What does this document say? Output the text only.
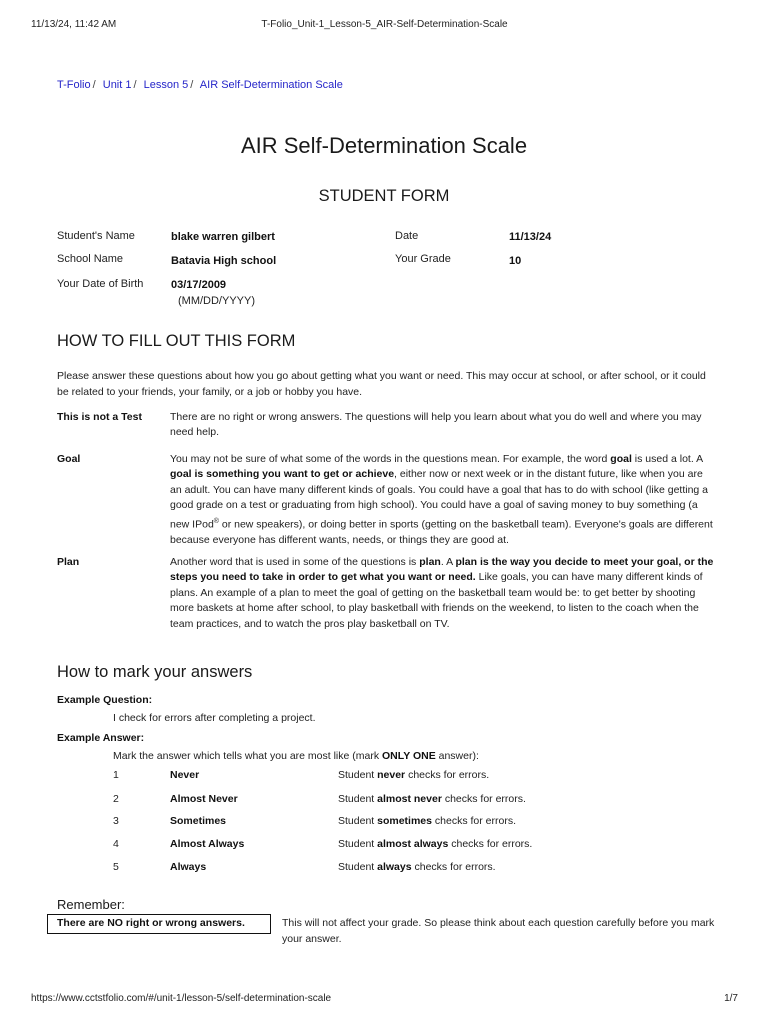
11/13/24, 11:42 AM	T-Folio_Unit-1_Lesson-5_AIR-Self-Determination-Scale
T-Folio / Unit 1 / Lesson 5 / AIR Self-Determination Scale
AIR Self-Determination Scale
STUDENT FORM
Student's Name	blake warren gilbert
School Name	Batavia High school
Your Date of Birth	03/17/2009
(MM/DD/YYYY)
Date	11/13/24
Your Grade	10
HOW TO FILL OUT THIS FORM

Please answer these questions about how you go about getting what you want or need. This may occur at school, or after school, or it could be related to your friends, your family, or a job or hobby you have.

This is not a Test	There are no right or wrong answers. The questions will help you learn about what you do well and where you may need help.

Goal	You may not be sure of what some of the words in the questions mean. For example, the word goal is used a lot. A goal is something you want to get or achieve, either now or next week or in the distant future, like when you are an adult. You can have many different kinds of goals. You could have a goal that has to do with school (like getting a good grade on a test or graduating from high school). You could have a goal of saving money to buy something (a new IPod® or new speakers), or doing better in sports (getting on the basketball team). Everyone's goals are different because everyone has different wants, needs, or things they are good at.

Plan	Another word that is used in some of the questions is plan. A plan is the way you decide to meet your goal, or the steps you need to take in order to get what you want or need. Like goals, you can have many different kinds of plans. An example of a plan to meet the goal of getting on the basketball team would be: to get better by shooting more baskets at home after school, to play basketball with friends on the weekend, to listen to the coach when the team practices, and to watch the pros play basketball on TV.

How to mark your answers
Example Question:
I check for errors after completing a project.
Example Answer:
Mark the answer which tells what you are most like (mark ONLY ONE answer):
1	Never	Student never checks for errors.
2	Almost Never	Student almost never checks for errors.
3	Sometimes	Student sometimes checks for errors.
4	Almost Always	Student almost always checks for errors.
5	Always	Student always checks for errors.
Remember:
There are NO right or wrong answers.	This will not affect your grade. So please think about each question carefully before you mark your answer.

https://www.cctstfolio.com/#/unit-1/lesson-5/self-determination-scale	1/7
